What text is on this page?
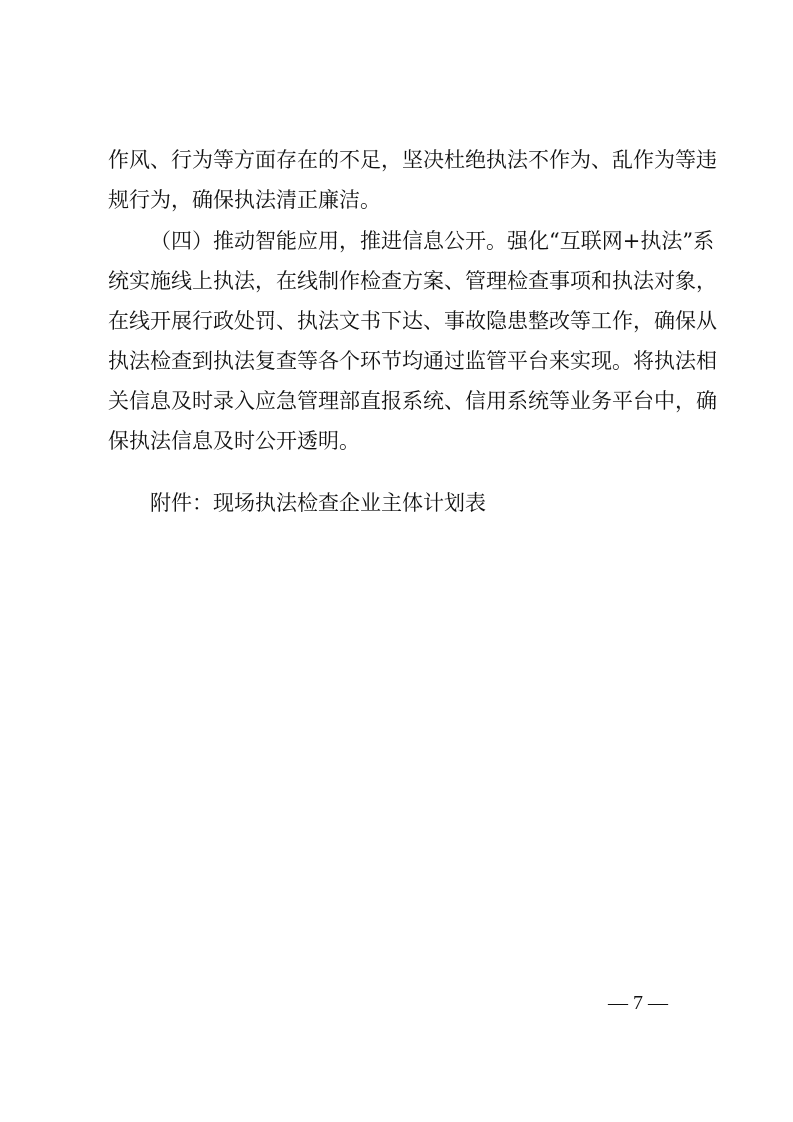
作风、行为等方面存在的不足，坚决杜绝执法不作为、乱作为等违
规行为，确保执法清正廉洁。
（四）推动智能应用，推进信息公开。强化“互联网+执法”系
统实施线上执法，在线制作检查方案、管理检查事项和执法对象，
在线开展行政处罚、执法文书下达、事故隐患整改等工作，确保从
执法检查到执法复查等各个环节均通过监管平台来实现。将执法相
关信息及时录入应急管理部直报系统、信用系统等业务平台中，确
保执法信息及时公开透明。
附件：现场执法检查企业主体计划表
— 7 —
